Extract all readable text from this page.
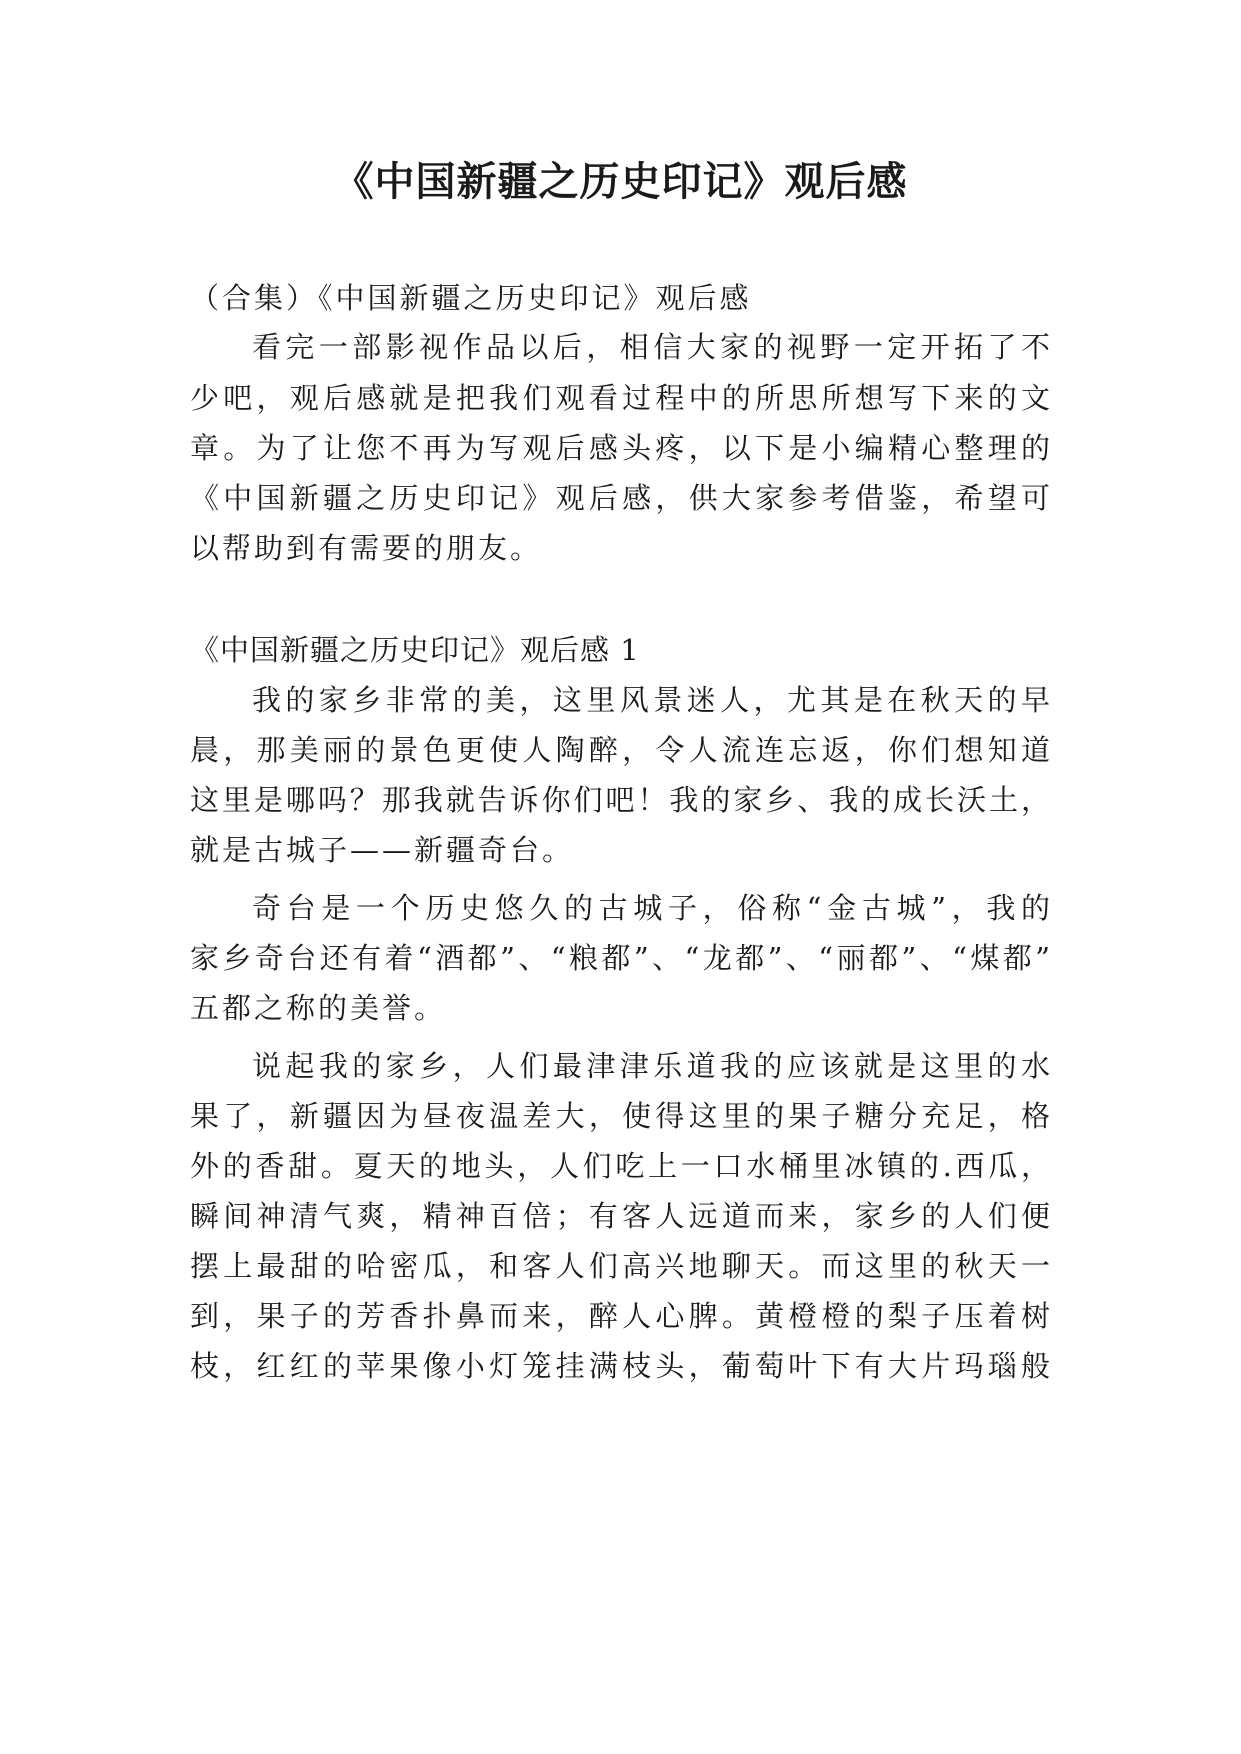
《中国新疆之历史印记》观后感
（合集）《中国新疆之历史印记》观后感
看完一部影视作品以后，相信大家的视野一定开拓了不
少吧，观后感就是把我们观看过程中的所思所想写下来的文
章。为了让您不再为写观后感头疼，以下是小编精心整理的
《中国新疆之历史印记》观后感，供大家参考借鉴，希望可
以帮助到有需要的朋友。
《中国新疆之历史印记》观后感 1
我的家乡非常的美，这里风景迷人，尤其是在秋天的早
晨，那美丽的景色更使人陶醉，令人流连忘返，你们想知道
这里是哪吗？那我就告诉你们吧！我的家乡、我的成长沃土，
就是古城子——新疆奇台。
奇台是一个历史悠久的古城子，俗称“金古城”，我的
家乡奇台还有着“酒都”、“粮都”、“龙都”、“丽都”、“煤都”
五都之称的美誉。
说起我的家乡，人们最津津乐道我的应该就是这里的水
果了，新疆因为昼夜温差大，使得这里的果子糖分充足，格
外的香甜。夏天的地头，人们吃上一口水桶里冰镇的.西瓜，
瞬间神清气爽，精神百倍；有客人远道而来，家乡的人们便
摆上最甜的哈密瓜，和客人们高兴地聊天。而这里的秋天一
到，果子的芳香扑鼻而来，醉人心脾。黄橙橙的梨子压着树
枝，红红的苹果像小灯笼挂满枝头，葡萄叶下有大片玛瑙般
